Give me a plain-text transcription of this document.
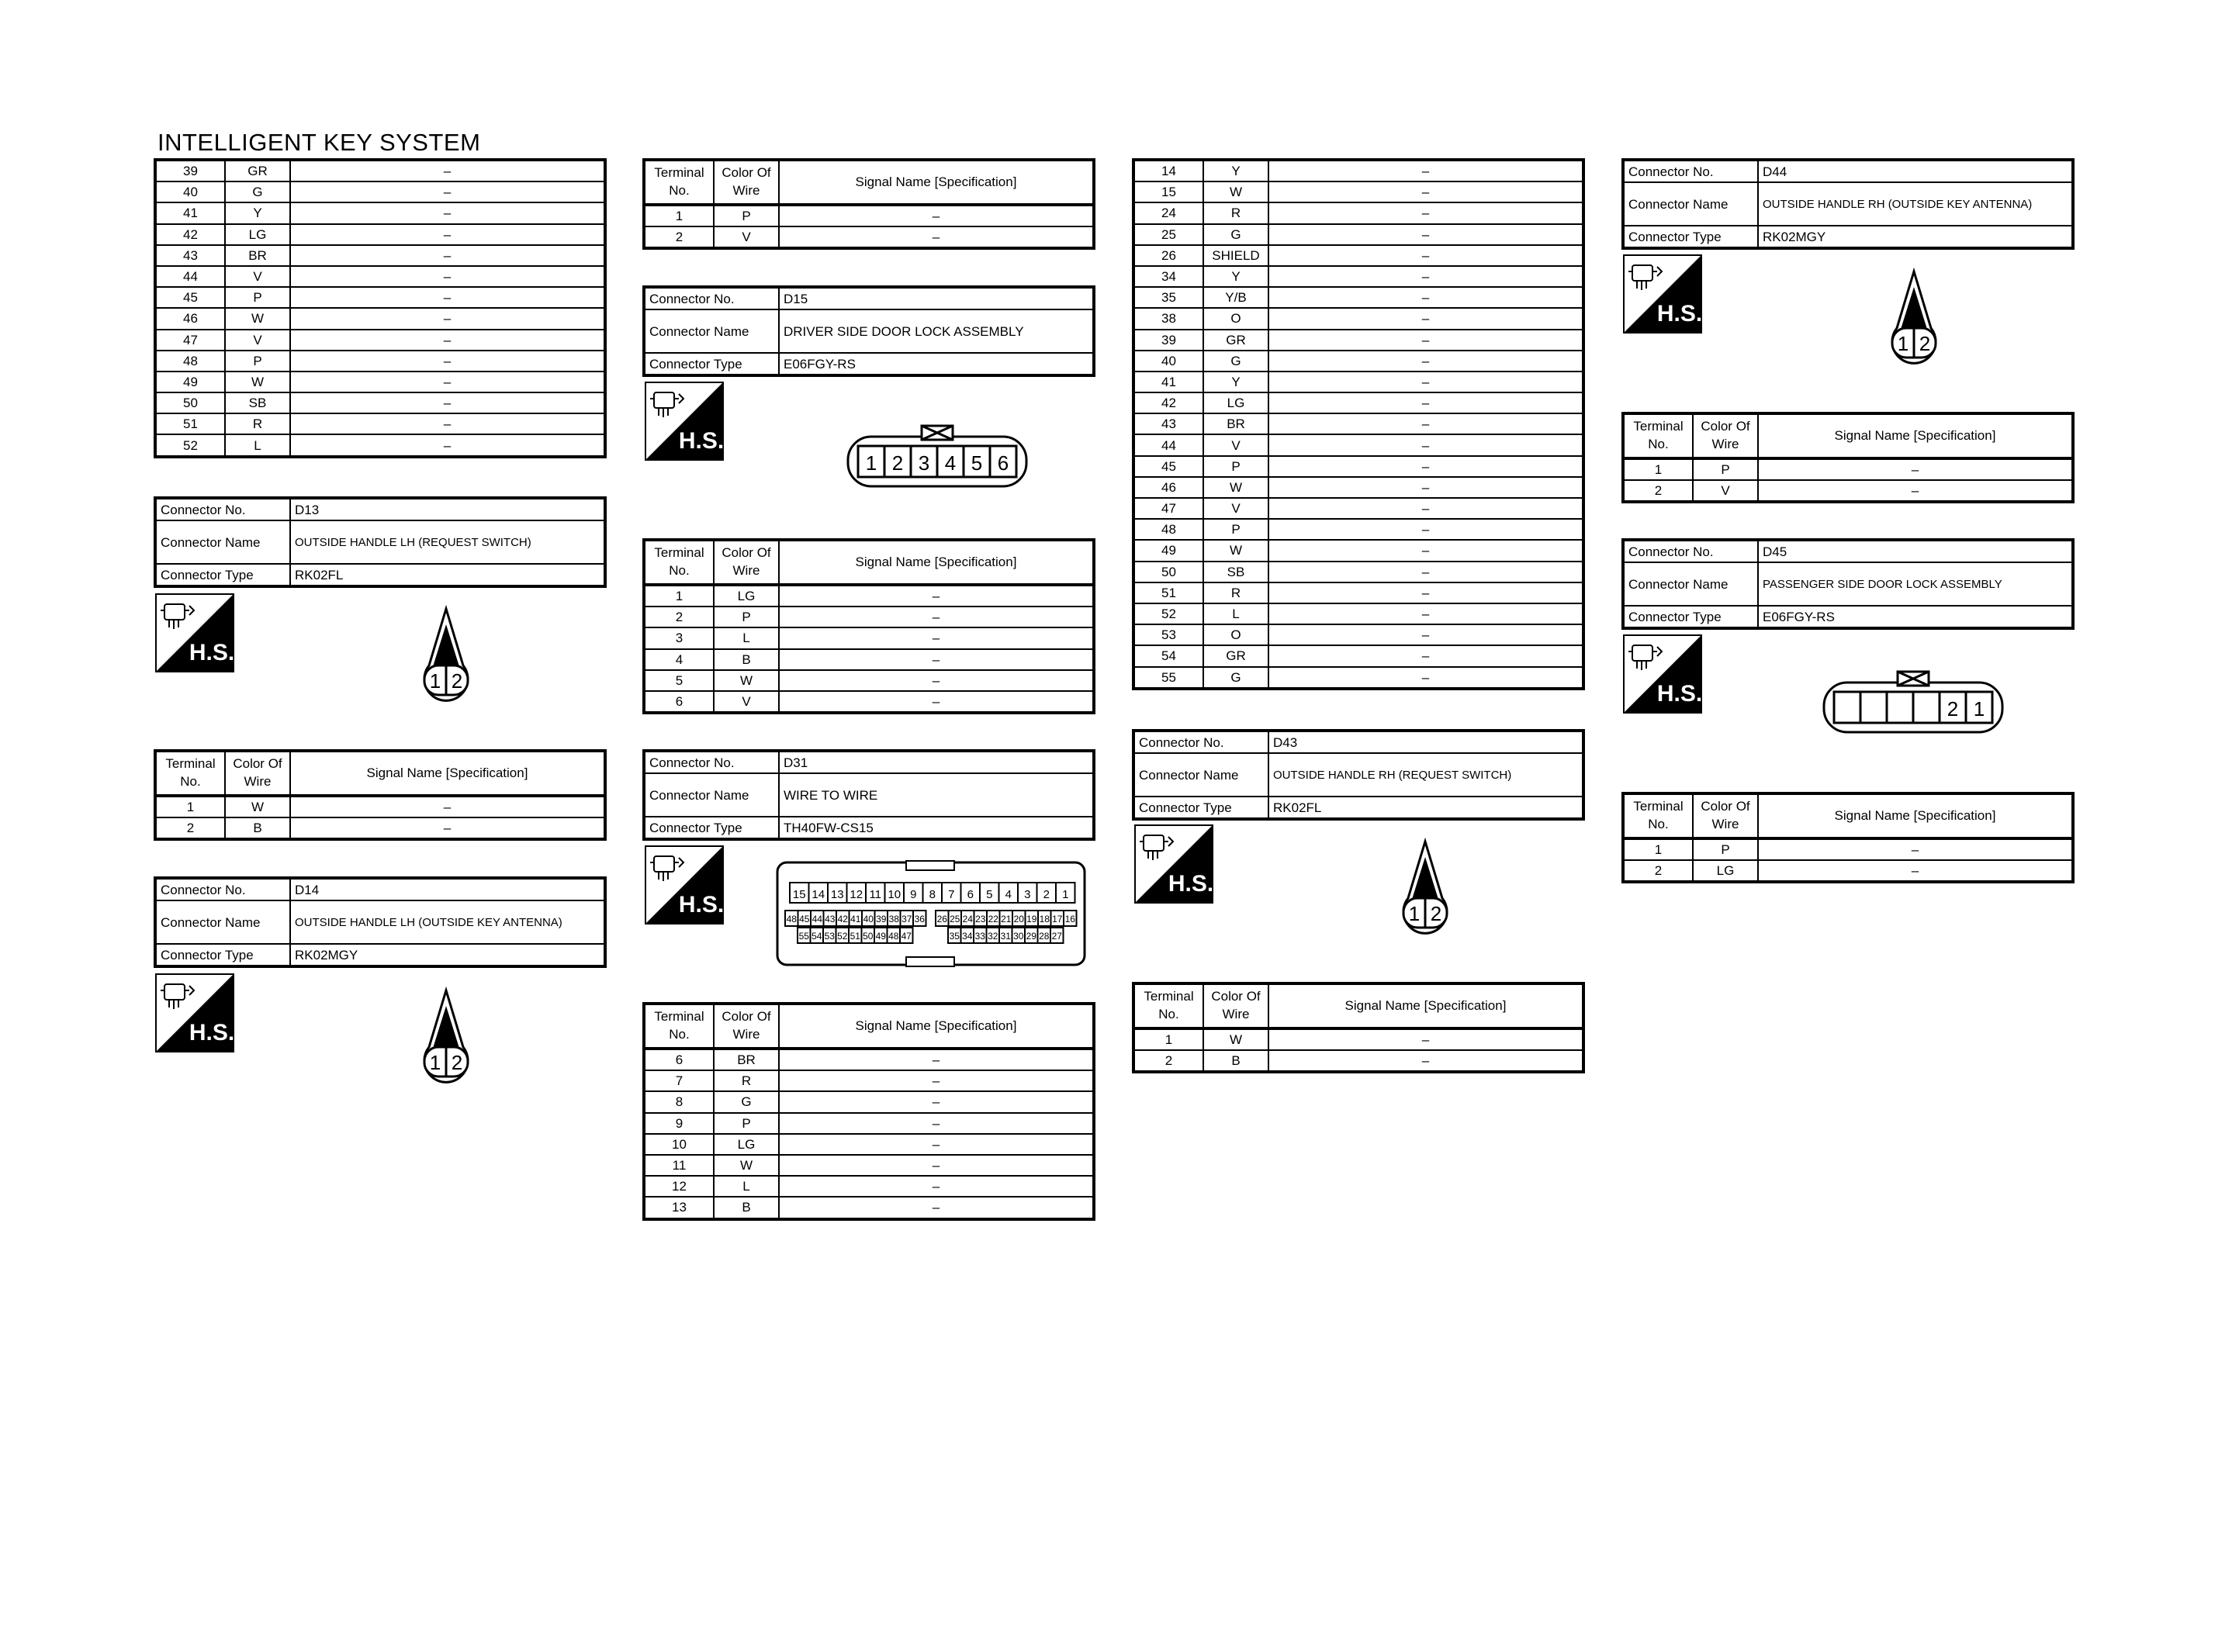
INTELLIGENT KEY SYSTEM
39	GR	–
40	G	–
41	Y	–
42	LG	–
43	BR	–
44	V	–
45	P	–
46	W	–
47	V	–
48	P	–
49	W	–
50	SB	–
51	R	–
52	L	–
Connector No.	D13
Connector Name	OUTSIDE HANDLE LH (REQUEST SWITCH)
Connector Type	RK02FL
H.S.
1 2
Terminal No.	Color Of Wire	Signal Name [Specification]
1	W	–
2	B	–
Connector No.	D14
Connector Name	OUTSIDE HANDLE LH (OUTSIDE KEY ANTENNA)
Connector Type	RK02MGY
H.S.
1 2
Terminal No.	Color Of Wire	Signal Name [Specification]
1	P	–
2	V	–
Connector No.	D15
Connector Name	DRIVER SIDE DOOR LOCK ASSEMBLY
Connector Type	E06FGY-RS
H.S.
1 2 3 4 5 6
Terminal No.	Color Of Wire	Signal Name [Specification]
1	LG	–
2	P	–
3	L	–
4	B	–
5	W	–
6	V	–
Connector No.	D31
Connector Name	WIRE TO WIRE
Connector Type	TH40FW-CS15
H.S.	15 14 13 12 11 10 9 8 7 6 5 4 3 2 1
48 45 44 43 42 41 40 39 38 37 36 26 25 24 23 22 21 20 19 18 17 16
55 54 53 52 51 50 49 48 47	35 34 33 32 31 30 29 28 27
Terminal No.	Color Of Wire	Signal Name [Specification]
6	BR	–
7	R	–
8	G	–
9	P	–
10	LG	–
11	W	–
12	L	–
13	B	–
14	Y	–
15	W	–
24	R	–
25	G	–
26	SHIELD	–
34	Y	–
35	Y/B	–
38	O	–
39	GR	–
40	G	–
41	Y	–
42	LG	–
43	BR	–
44	V	–
45	P	–
46	W	–
47	V	–
48	P	–
49	W	–
50	SB	–
51	R	–
52	L	–
53	O	–
54	GR	–
55	G	–
Connector No.	D43
Connector Name	OUTSIDE HANDLE RH (REQUEST SWITCH)
Connector Type	RK02FL
H.S.
1 2
Terminal No.	Color Of Wire	Signal Name [Specification]
1	W	–
2	B	–
Connector No.	D44
Connector Name	OUTSIDE HANDLE RH (OUTSIDE KEY ANTENNA)
Connector Type	RK02MGY
H.S.
1 2
Terminal No.	Color Of Wire	Signal Name [Specification]
1	P	–
2	V	–
Connector No.	D45
Connector Name	PASSENGER SIDE DOOR LOCK ASSEMBLY
Connector Type	E06FGY-RS
H.S.
2 1
Terminal No.	Color Of Wire	Signal Name [Specification]
1	P	–
2	LG	–
